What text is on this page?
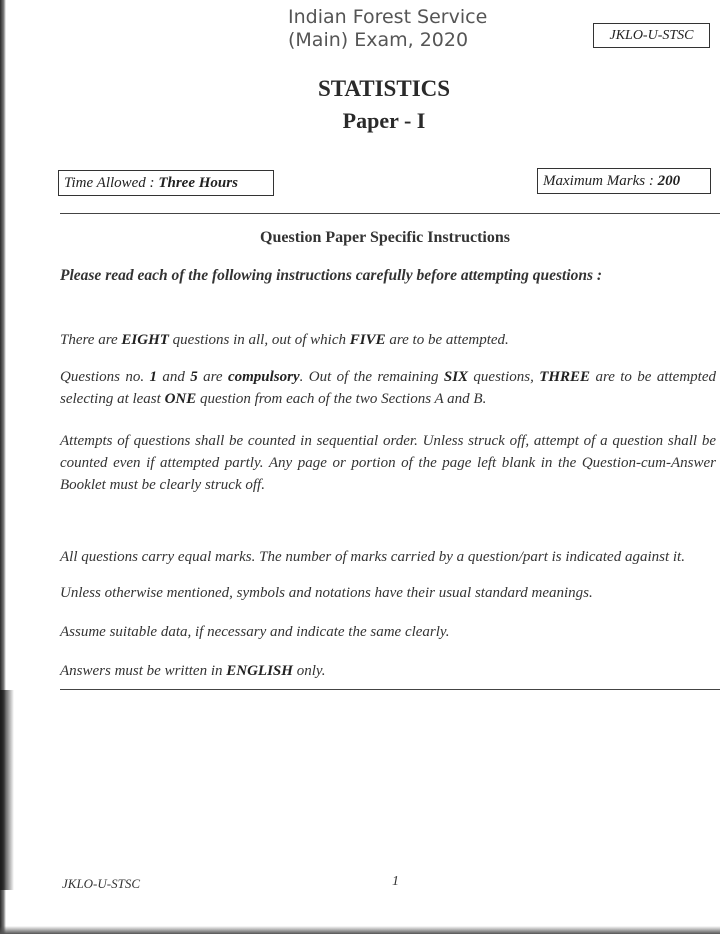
Indian Forest Service
(Main) Exam, 2020	JKLO-U-STSC
STATISTICS
Paper - I
Time Allowed : Three Hours	Maximum Marks : 200
Question Paper Specific Instructions
Please read each of the following instructions carefully before attempting questions :
There are EIGHT questions in all, out of which FIVE are to be attempted.
Questions no. 1 and 5 are compulsory. Out of the remaining SIX questions, THREE are to be attempted selecting at least ONE question from each of the two Sections A and B.
Attempts of questions shall be counted in sequential order. Unless struck off, attempt of a question shall be counted even if attempted partly. Any page or portion of the page left blank in the Question-cum-Answer Booklet must be clearly struck off.
All questions carry equal marks. The number of marks carried by a question/part is indicated against it.
Unless otherwise mentioned, symbols and notations have their usual standard meanings.
Assume suitable data, if necessary and indicate the same clearly.
Answers must be written in ENGLISH only.
JKLO-U-STSC	1
